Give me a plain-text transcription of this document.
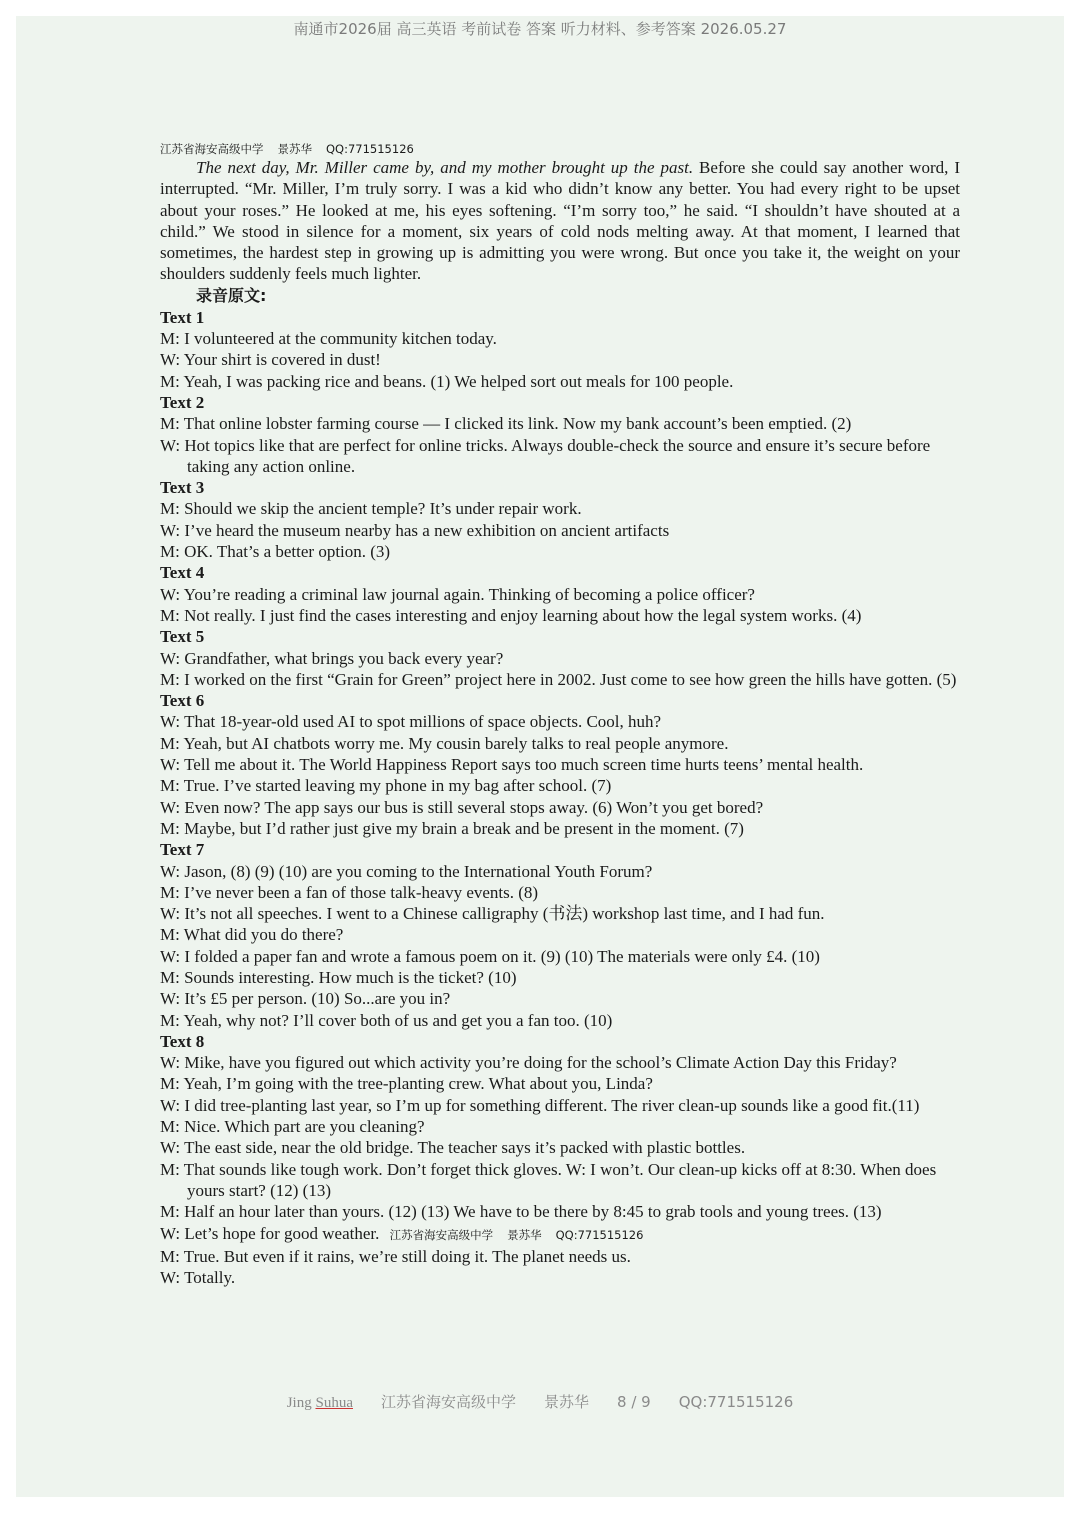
南通市2026届 高三英语 考前试卷 答案 听力材料、参考答案 2026.05.27
江苏省海安高级中学 景苏华 QQ:771515126
The next day, Mr. Miller came by, and my mother brought up the past. Before she could say another word, I interrupted. “Mr. Miller, I’m truly sorry. I was a kid who didn’t know any better. You had every right to be upset about your roses.” He looked at me, his eyes softening. “I’m sorry too,” he said. “I shouldn’t have shouted at a child.” We stood in silence for a moment, six years of cold nods melting away. At that moment, I learned that sometimes, the hardest step in growing up is admitting you were wrong. But once you take it, the weight on your shoulders suddenly feels much lighter.
录音原文:
Text 1
M: I volunteered at the community kitchen today.
W: Your shirt is covered in dust!
M: Yeah, I was packing rice and beans. (1) We helped sort out meals for 100 people.
Text 2
M: That online lobster farming course — I clicked its link. Now my bank account’s been emptied. (2)
W: Hot topics like that are perfect for online tricks. Always double-check the source and ensure it’s secure before taking any action online.
Text 3
M: Should we skip the ancient temple? It’s under repair work.
W: I’ve heard the museum nearby has a new exhibition on ancient artifacts
M: OK. That’s a better option. (3)
Text 4
W: You’re reading a criminal law journal again. Thinking of becoming a police officer?
M: Not really. I just find the cases interesting and enjoy learning about how the legal system works. (4)
Text 5
W: Grandfather, what brings you back every year?
M: I worked on the first “Grain for Green” project here in 2002. Just come to see how green the hills have gotten. (5)
Text 6
W: That 18-year-old used AI to spot millions of space objects. Cool, huh?
M: Yeah, but AI chatbots worry me. My cousin barely talks to real people anymore.
W: Tell me about it. The World Happiness Report says too much screen time hurts teens’ mental health.
M: True. I’ve started leaving my phone in my bag after school. (7)
W: Even now? The app says our bus is still several stops away. (6) Won’t you get bored?
M: Maybe, but I’d rather just give my brain a break and be present in the moment. (7)
Text 7
W: Jason, (8) (9) (10) are you coming to the International Youth Forum?
M: I’ve never been a fan of those talk-heavy events. (8)
W: It’s not all speeches. I went to a Chinese calligraphy (书法) workshop last time, and I had fun.
M: What did you do there?
W: I folded a paper fan and wrote a famous poem on it. (9) (10) The materials were only £4. (10)
M: Sounds interesting. How much is the ticket? (10)
W: It’s £5 per person. (10) So...are you in?
M: Yeah, why not? I’ll cover both of us and get you a fan too. (10)
Text 8
W: Mike, have you figured out which activity you’re doing for the school’s Climate Action Day this Friday?
M: Yeah, I’m going with the tree-planting crew. What about you, Linda?
W: I did tree-planting last year, so I’m up for something different. The river clean-up sounds like a good fit.(11)
M: Nice. Which part are you cleaning?
W: The east side, near the old bridge. The teacher says it’s packed with plastic bottles.
M: That sounds like tough work. Don’t forget thick gloves. W: I won’t. Our clean-up kicks off at 8:30. When does yours start? (12) (13)
M: Half an hour later than yours. (12) (13) We have to be there by 8:45 to grab tools and young trees. (13)
W: Let’s hope for good weather. 江苏省海安高级中学 景苏华 QQ:771515126
M: True. But even if it rains, we’re still doing it. The planet needs us.
W: Totally.
Jing Suhua 江苏省海安高级中学 景苏华 8 / 9 QQ:771515126
